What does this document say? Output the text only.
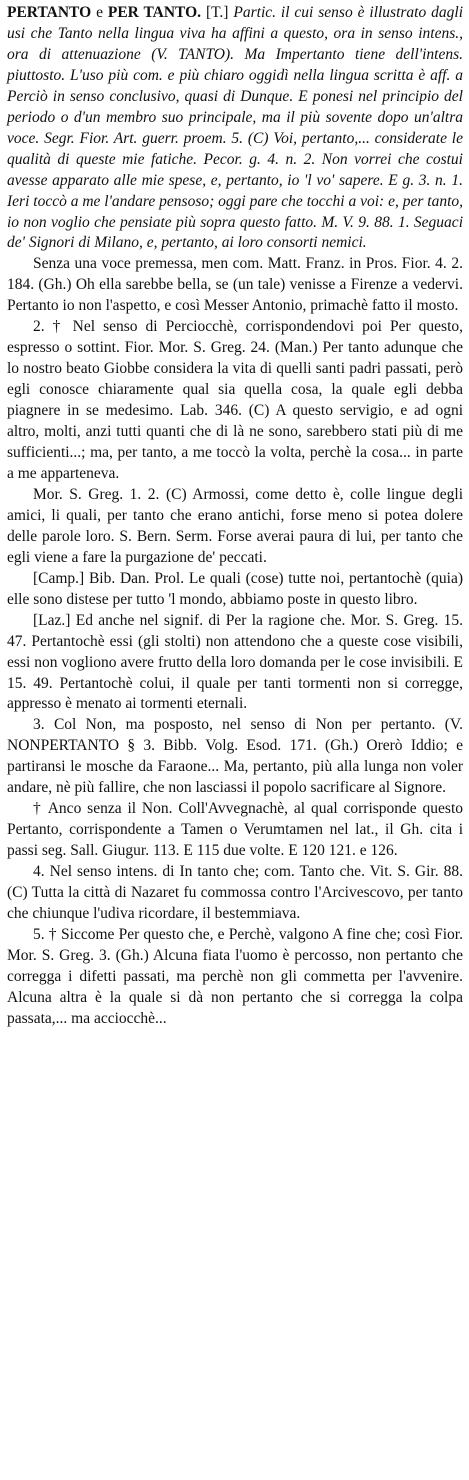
PERTANTO e PER TANTO. [T.] Partic. il cui senso è illustrato dagli usi che Tanto nella lingua viva ha affini a questo, ora in senso intens., ora di attenuazione (V. TANTO). Ma Impertanto tiene dell'intens. piuttosto. L'uso più com. e più chiaro oggidì nella lingua scritta è aff. a Perciò in senso conclusivo, quasi di Dunque. E ponesi nel principio del periodo o d'un membro suo principale, ma il più sovente dopo un'altra voce. Segr. Fior. Art. guerr. proem. 5. (C) Voi, pertanto,... considerate le qualità di queste mie fatiche. Pecor. g. 4. n. 2. Non vorrei che costui avesse apparato alle mie spese, e, pertanto, io 'l vo' sapere. E g. 3. n. 1. Ieri toccò a me l'andare pensoso; oggi pare che tocchi a voi: e, per tanto, io non voglio che pensiate più sopra questo fatto. M. V. 9. 88. 1. Seguaci de' Signori di Milano, e, pertanto, ai loro consorti nemici.

Senza una voce premessa, men com. Matt. Franz. in Pros. Fior. 4. 2. 184. (Gh.) Oh ella sarebbe bella, se (un tale) venisse a Firenze a vedervi. Pertanto io non l'aspetto, e così Messer Antonio, primachè fatto il mosto.

2. † Nel senso di Perciocchè, corrispondendovi poi Per questo, espresso o sottint. Fior. Mor. S. Greg. 24. (Man.) Per tanto adunque che lo nostro beato Giobbe considera la vita di quelli santi padri passati, però egli conosce chiaramente qual sia quella cosa, la quale egli debba piagnere in se medesimo. Lab. 346. (C) A questo servigio, e ad ogni altro, molti, anzi tutti quanti che di là ne sono, sarebbero stati più di me sufficienti...; ma, per tanto, a me toccò la volta, perchè la cosa... in parte a me apparteneva.

Mor. S. Greg. 1. 2. (C) Armossi, come detto è, colle lingue degli amici, li quali, per tanto che erano antichi, forse meno si potea dolere delle parole loro. S. Bern. Serm. Forse averai paura di lui, per tanto che egli viene a fare la purgazione de' peccati.

[Camp.] Bib. Dan. Prol. Le quali (cose) tutte noi, pertantochè (quia) elle sono distese per tutto 'l mondo, abbiamo poste in questo libro.

[Laz.] Ed anche nel signif. di Per la ragione che. Mor. S. Greg. 15. 47. Pertantochè essi (gli stolti) non attendono che a queste cose visibili, essi non vogliono avere frutto della loro domanda per le cose invisibili. E 15. 49. Pertantochè colui, il quale per tanti tormenti non si corregge, appresso è menato ai tormenti eternali.

3. Col Non, ma posposto, nel senso di Non per pertanto. (V. NONPERTANTO § 3. Bibb. Volg. Esod. 171. (Gh.) Orerò Iddio; e partiransi le mosche da Faraone... Ma, pertanto, più alla lunga non voler andare, nè più fallire, che non lasciassi il popolo sacrificare al Signore.

† Anco senza il Non. Coll'Avvegnachè, al qual corrisponde questo Pertanto, corrispondente a Tamen o Verumtamen nel lat., il Gh. cita i passi seg. Sall. Giugur. 113. E 115 due volte. E 120 121. e 126.

4. Nel senso intens. di In tanto che; com. Tanto che. Vit. S. Gir. 88. (C) Tutta la città di Nazaret fu commossa contro l'Arcivescovo, per tanto che chiunque l'udiva ricordare, il bestemmiava.

5. † Siccome Per questo che, e Perchè, valgono A fine che; così Fior. Mor. S. Greg. 3. (Gh.) Alcuna fiata l'uomo è percosso, non pertanto che corregga i difetti passati, ma perchè non gli commetta per l'avvenire. Alcuna altra è la quale si dà non pertanto che si corregga la colpa passata,... ma acciocchè...
